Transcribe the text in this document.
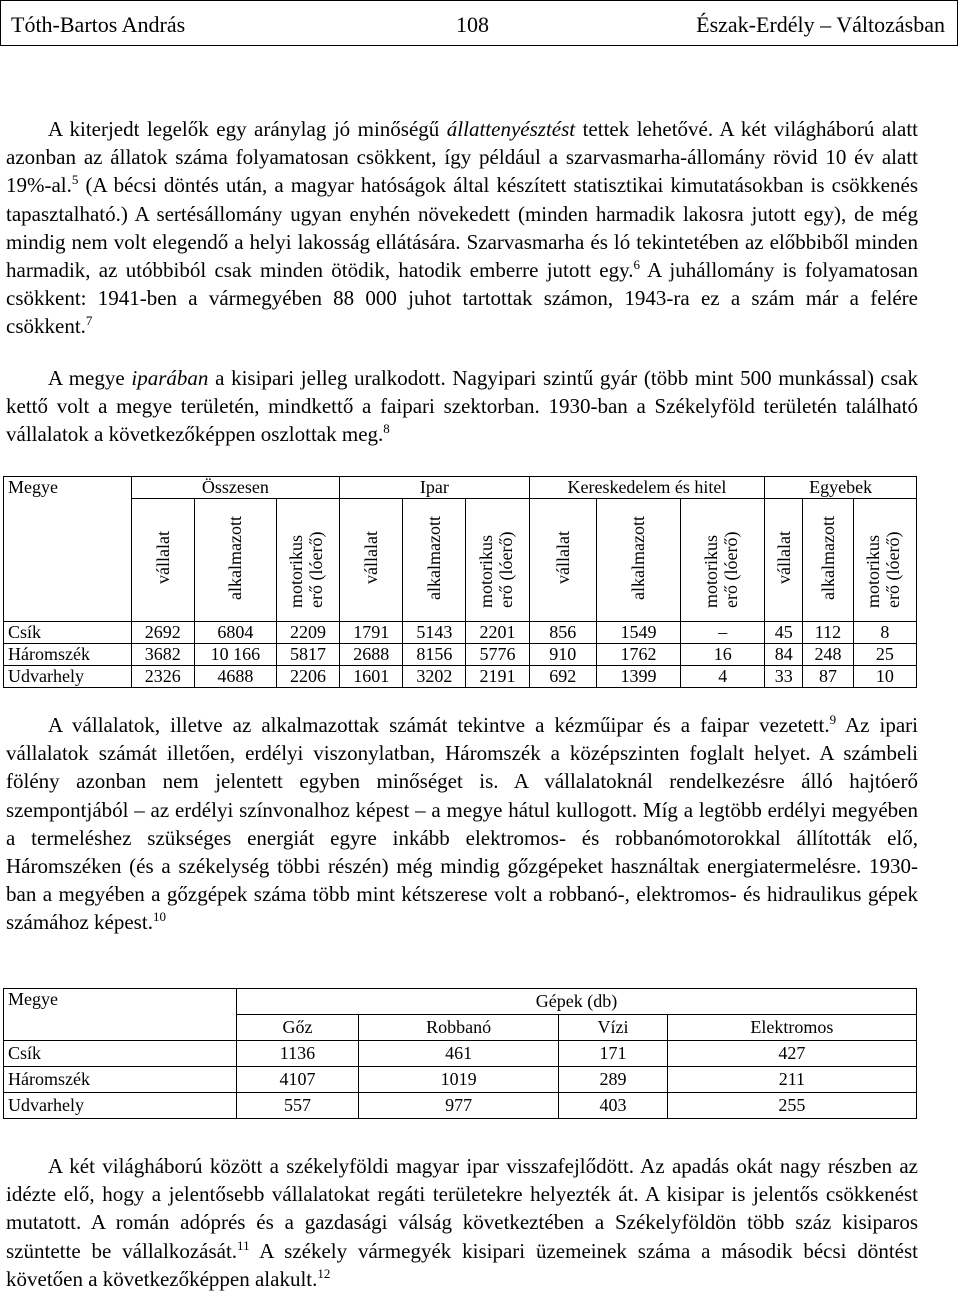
Tóth-Bartos András	108	Észak-Erdély – Változásban

A kiterjedt legelők egy aránylag jó minőségű állattenyésztést tettek lehetővé. A két világháború alatt azonban az állatok száma folyamatosan csökkent, így például a szarvasmarha-állomány rövid 10 év alatt 19%-al.$^5$ (A bécsi döntés után, a magyar hatóságok által készített statisztikai kimutatásokban is csökkenés tapasztalható.) A sertésállomány ugyan enyhén növekedett (minden harmadik lakosra jutott egy), de még mindig nem volt elegendő a helyi lakosság ellátására. Szarvasmarha és ló tekintetében az előbbiből minden harmadik, az utóbbiból csak minden ötödik, hatodik emberre jutott egy.$^6$ A juhállomány is folyamatosan csökkent: 1941-ben a vármegyében 88 000 juhot tartottak számon, 1943-ra ez a szám már a felére csökkent.$^7$

A megye iparában a kisipari jelleg uralkodott. Nagyipari szintű gyár (több mint 500 munkással) csak kettő volt a megye területén, mindkettő a faipari szektorban. 1930-ban a Székelyföld területén található vállalatok a következőképpen oszlottak meg.$^8$

Megye	Összesen			Ipar			Kereskedelem és hitel			Egyebek		
	vállalat	alkalmazott	motorikus erő (lóerő)	vállalat	alkalmazott	motorikus erő (lóerő)	vállalat	alkalmazott	motorikus erő (lóerő)	vállalat	alkalmazott	motorikus erő (lóerő)
Csík	2692	6804	2209	1791	5143	2201	856	1549	–	45	112	8
Háromszék	3682	10 166	5817	2688	8156	5776	910	1762	16	84	248	25
Udvarhely	2326	4688	2206	1601	3202	2191	692	1399	4	33	87	10

A vállalatok, illetve az alkalmazottak számát tekintve a kézműipar és a faipar vezetett.$^9$ Az ipari vállalatok számát illetően, erdélyi viszonylatban, Háromszék a középszinten foglalt helyet. A számbeli fölény azonban nem jelentett egyben minőséget is. A vállalatoknál rendelkezésre álló hajtóerő szempontjából – az erdélyi színvonalhoz képest – a megye hátul kullogott. Míg a legtöbb erdélyi megyében a termeléshez szükséges energiát egyre inkább elektromos- és robbanómotorokkal állították elő, Háromszéken (és a székelység többi részén) még mindig gőzgépeket használtak energiatermelésre. 1930-ban a megyében a gőzgépek száma több mint kétszerese volt a robbanó-, elektromos- és hidraulikus gépek számához képest.$^{10}$

Megye	Gépek (db)			
	Gőz	Robbanó	Vízi	Elektromos
Csík	1136	461	171	427
Háromszék	4107	1019	289	211
Udvarhely	557	977	403	255

A két világháború között a székelyföldi magyar ipar visszafejlődött. Az apadás okát nagy részben az idézte elő, hogy a jelentősebb vállalatokat regáti területekre helyezték át. A kisipar is jelentős csökkenést mutatott. A román adóprés és a gazdasági válság következtében a Székelyföldön több száz kisiparos szüntette be vállalkozását.$^{11}$ A székely vármegyék kisipari üzemeinek száma a második bécsi döntést követően a következőképpen alakult.$^{12}$
